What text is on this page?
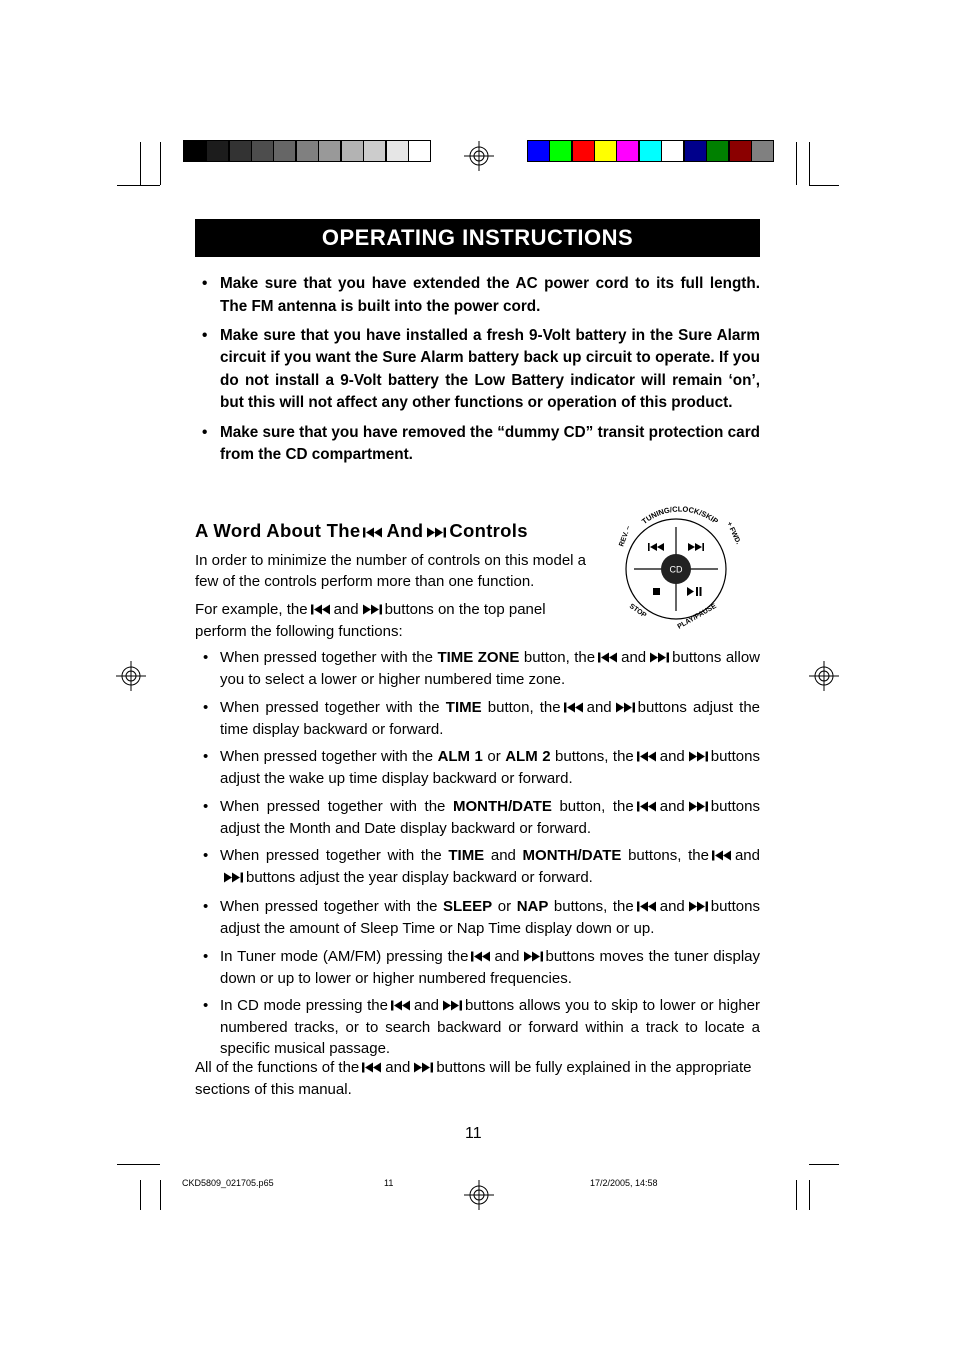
OPERATING INSTRUCTIONS
• Make sure that you have extended the AC power cord to its full length. The FM antenna is built into the power cord.
• Make sure that you have installed a fresh 9-Volt battery in the Sure Alarm circuit if you want the Sure Alarm battery back up circuit to operate. If you do not install a 9-Volt battery the Low Battery indicator will remain ‘on’, but this will not affect any other functions or operation of this product.
• Make sure that you have removed the “dummy CD” transit protection card from the CD compartment.
A Word About The And Controls
In order to minimize the number of controls on this model a few of the controls perform more than one function.
For example, the and buttons on the top panel perform the following functions:
CD
TUNING/CLOCK/SKIP
REV. –	+ FWD.
STOP	PLAY/PAUSE
• When pressed together with the TIME ZONE button, the and buttons allow you to select a lower or higher numbered time zone.
• When pressed together with the TIME button, the and buttons adjust the time display backward or forward.
• When pressed together with the ALM 1 or ALM 2 buttons, the and buttons adjust the wake up time display backward or forward.
• When pressed together with the MONTH/DATE button, the and buttons adjust the Month and Date display backward or forward.
• When pressed together with the TIME and MONTH/DATE buttons, the andbuttons adjust the year display backward or forward.
• When pressed together with the SLEEP or NAP buttons, the and buttons adjust the amount of Sleep Time or Nap Time display down or up.
• In Tuner mode (AM/FM) pressing the and buttons moves the tuner display down or up to lower or higher numbered frequencies.
• In CD mode pressing the and buttons allows you to skip to lower or higher numbered tracks, or to search backward or forward within a track to locate a specific musical passage.
All of the functions of the and buttons will be fully explained in the appropriate sections of this manual.
11
CKD5809_021705.p65	11	17/2/2005, 14:58
